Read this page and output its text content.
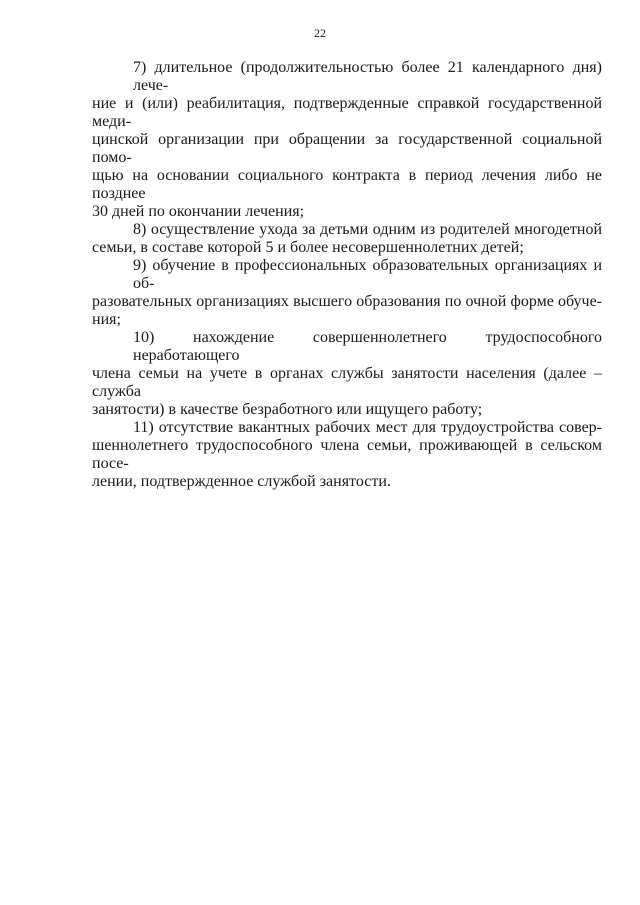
22
7) длительное (продолжительностью более 21 календарного дня) лече-
ние и (или) реабилитация, подтвержденные справкой государственной меди-
цинской организации при обращении за государственной социальной помо-
щью на основании социального контракта в период лечения либо не позднее
30 дней по окончании лечения;
8) осуществление ухода за детьми одним из родителей многодетной
семьи, в составе которой 5 и более несовершеннолетних детей;
9) обучение в профессиональных образовательных организациях и об-
разовательных организациях высшего образования по очной форме обуче-
ния;
10) нахождение совершеннолетнего трудоспособного неработающего
члена семьи на учете в органах службы занятости населения (далее – служба
занятости) в качестве безработного или ищущего работу;
11) отсутствие вакантных рабочих мест для трудоустройства совер-
шеннолетнего трудоспособного члена семьи, проживающей в сельском посе-
лении, подтвержденное службой занятости.
